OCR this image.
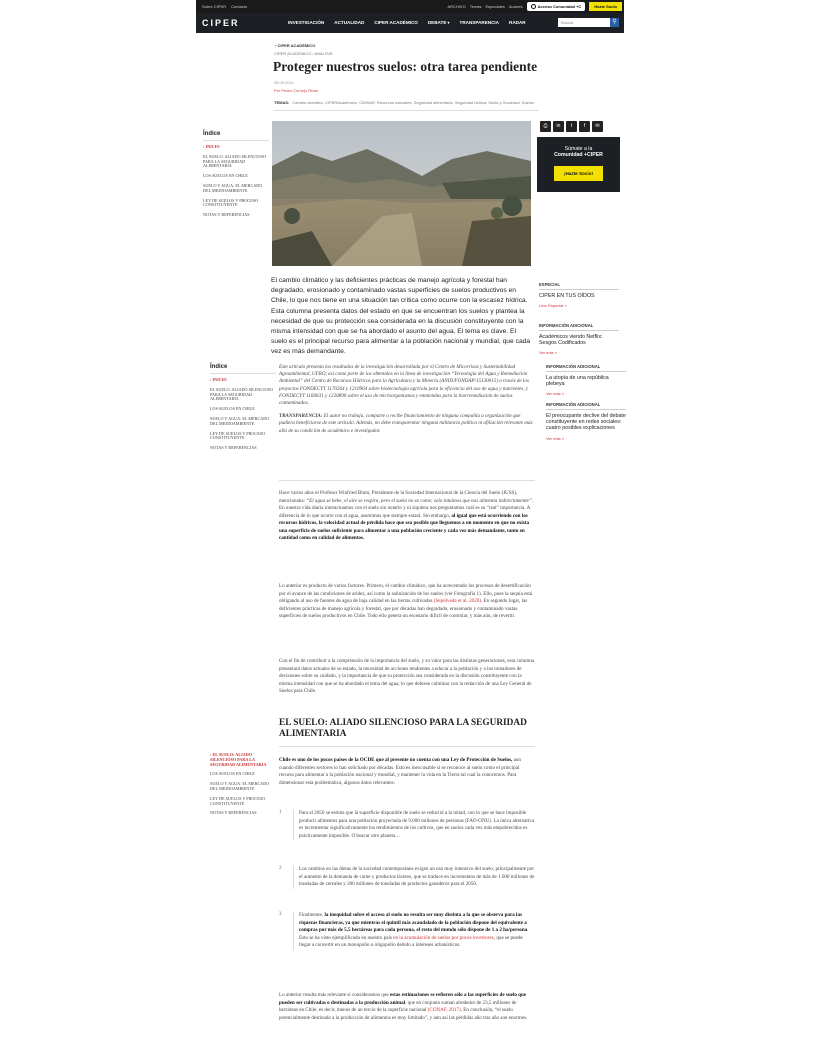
Sobre CIPER Contacto	ARCHIVO Temas Especiales Autores	Acceso Comunidad +C	Hazte Socio
CIPER	INVESTIGACIÓN ACTUALIDAD CIPER ACADÉMICO DEBATE ▾	TRANSPARENCIA RADAR	Buscar	⚲
› CIPER ACADÉMICO
CIPER ACADÉMICO / ANÁLISIS
Proteger nuestros suelos: otra tarea pendiente
08.09.2021
Por Pedro Cornejo Rivas
TEMAS: Cambio climático, CIPERAcadémico, CIMSAR, Recursos naturales, Seguridad alimentaria, Seguridad hídrica, Suelo y Sociedad, Suelos
Índice
› INICIO
EL SUELO: ALIADO SILENCIOSO PARA LA SEGURIDAD ALIMENTARIA
LOS SUELOS EN CHILE
SUELO Y AGUA: EL MERCADO DEL MEDIOAMBIENTE
LEY DE SUELOS Y PROCESO CONSTITUYENTE
NOTAS Y REFERENCIAS
Índice
› INICIO
EL SUELO: ALIADO SILENCIOSO PARA LA SEGURIDAD ALIMENTARIA
LOS SUELOS EN CHILE
SUELO Y AGUA: EL MERCADO DEL MEDIOAMBIENTE
LEY DE SUELOS Y PROCESO CONSTITUYENTE
NOTAS Y REFERENCIAS
› EL SUELO: ALIADO SILENCIOSO PARA LA SEGURIDAD ALIMENTARIA
LOS SUELOS EN CHILE
SUELO Y AGUA: EL MERCADO DEL MEDIOAMBIENTE
LEY DE SUELOS Y PROCESO CONSTITUYENTE
NOTAS Y REFERENCIAS

El cambio climático y las deficientes prácticas de manejo agrícola y forestal han degradado, erosionado y contaminado vastas superficies de suelos productivos en Chile, lo que nos tiene en una situación tan crítica como ocurre con la escasez hídrica. Esta columna presenta datos del estado en que se encuentran los suelos y plantea la necesidad de que su protección sea considerada en la discusión constituyente con la misma intensidad con que se ha abordado el asunto del agua. El tema es clave. El suelo es el principal recurso para alimentar a la población nacional y mundial, que cada vez es más demandante.

Este artículo presenta los resultados de la investigación desarrollada por el Centro de Micorrizas y Sustentabilidad Agroambiental, UFRO, así como parte de los obtenidos en la línea de investigación “Tecnología del Agua y Remediación Ambiental” del Centro de Recursos Hídricos para la Agricultura y la Minería (ANID/FONDAP/15130015) a través de los proyectos FONDECYT 1170264 y 1210964 sobre biotecnología agrícola para la eficiencia del uso de agua y nutrientes, y FONDECYT 1160631 y 1220890 sobre el uso de microorganismos y enmiendas para la biorremediación de suelos contaminados.

TRANSPARENCIA: El autor no trabaja, comparte o recibe financiamiento de ninguna compañía u organización que pudiera beneficiarse de este artículo. Además, no debe transparentar ninguna militancia política ni afiliación relevante más allá de su condición de académico e investigador.

Hace varios años el Profesor Winfried Blum, Presidente de la Sociedad Internacional de la Ciencia del Suelo (IUSS), mencionaba: “El agua se bebe, el aire se respira, pero el suelo no se come; solo intuimos que nos alimenta indirectamente”. En nuestra vida diaria interactuamos con el suelo sin notarlo y ni siquiera nos preguntamos cuál es su “real” importancia. A diferencia de lo que ocurre con el agua, asumimos que siempre estará. Sin embargo, al igual que está ocurriendo con los recursos hídricos, la velocidad actual de pérdida hace que sea posible que lleguemos a un momento en que no exista una superficie de suelos suficiente para alimentar a una población creciente y cada vez más demandante, tanto en cantidad como en calidad de alimentos.

Lo anterior es producto de varios factores. Primero, el cambio climático, que ha acrecentado los procesos de desertificación por el avance de las condiciones de aridez, así como la salinización de los suelos (ver Fotografía 1). Ello, pues la sequía está obligando al uso de fuentes de agua de baja calidad en las tierras cultivadas (Sepúlveda et al. 2020). En segundo lugar, las deficientes prácticas de manejo agrícola y forestal, que por décadas han degradado, erosionado y contaminado vastas superficies de suelos productivos en Chile. Todo ello genera un escenario difícil de controlar, y más aún, de revertir.

Con el fin de contribuir a la comprensión de la importancia del suelo, y su valor para las distintas generaciones, esta columna presentará datos actuales de su estado, la necesidad de acciones tendientes a educar a la población y a los tomadores de decisiones sobre su cuidado, y la importancia de que su protección sea considerada en la discusión constituyente con la misma intensidad con que se ha abordado el tema del agua, lo que debiese culminar con la redacción de una Ley General de Suelos para Chile.

EL SUELO: ALIADO SILENCIOSO PARA LA SEGURIDAD ALIMENTARIA

Chile es uno de los pocos países de la OCDE que al presente no cuenta con una Ley de Protección de Suelos, aun cuando diferentes sectores lo han solicitado por décadas. Esto es inexcusable si se reconoce al suelo como el principal recurso para alimentar a la población nacional y mundial, y mantener la vida en la Tierra tal cual la conocemos. Para dimensionar esta problemática, algunos datos relevantes:

1	Para el 2050 se estima que la superficie disponible de suelo se reducirá a la mitad, con lo que se hace imposible producir alimentos para una población proyectada de 9.000 millones de personas (FAO-ONU). La única alternativa es incrementar significativamente los rendimientos de los cultivos, que en suelos cada vez más empobrecidos es prácticamente imposible. O buscar otro planeta…

2	Los cambios en las dietas de la sociedad contemporánea exigen un uso muy intensivo del suelo, principalmente por el aumento de la demanda de carne y productos lácteos, que se traduce en incrementos de más de 1.000 millones de toneladas de cereales y 200 millones de toneladas de productos ganaderos para el 2050.

3	Finalmente, la inequidad sobre el acceso al suelo no resulta ser muy distinta a la que se observa para las riquezas financieras, ya que mientras el quintil más acaudalado de la población dispone del equivalente a compras por más de 5,5 hectáreas para cada persona, el resto del mundo sólo dispone de 1 a 2 ha/persona. Esto se ha visto ejemplificado en nuestro país en la acumulación de suelos por pocos inversores, que se puede llegar a convertir en un monopolio u oligopolio debido a intereses urbanísticos.

Lo anterior resulta más relevante si consideramos que estas estimaciones se refieren sólo a las superficies de suelo que pueden ser cultivadas o destinadas a la producción animal, que en conjunto suman alrededor de 23,5 millones de hectáreas en Chile, es decir, menos de un tercio de la superficie nacional (CONAF, 2017). En conclusión, “el suelo potencialmente destinado a la producción de alimentos es muy limitado”, y aun así las pérdidas año tras año son enormes.

⎙	in	t	f	✉
Súmate a la
Comunidad +CIPER
¡Hazte Socio!
ESPECIAL
CIPER EN TUS OÍDOS
Leer Especial »
INFORMACIÓN ADICIONAL
Académicos viendo Netflix: Sesgos Codificados
Ver más »
INFORMACIÓN ADICIONAL
La utopía de una república plebeya
Ver más »
INFORMACIÓN ADICIONAL
El preocupante declive del debate constituyente en redes sociales: cuatro posibles explicaciones
Ver más »
